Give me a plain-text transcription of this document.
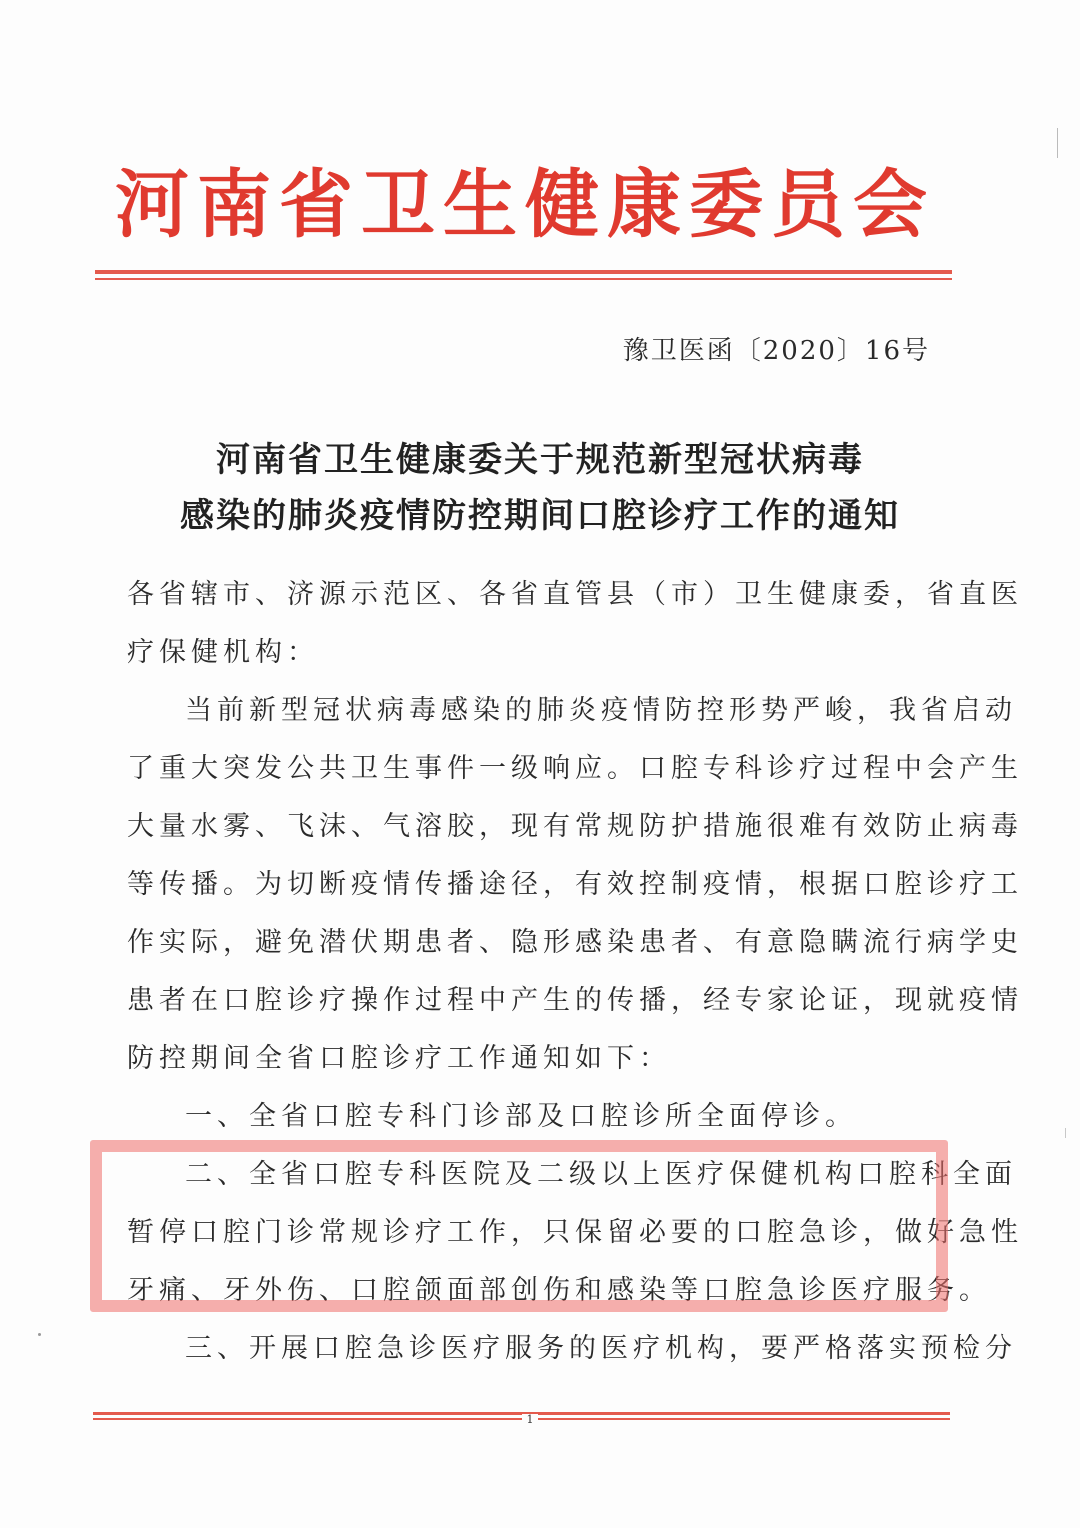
河南省卫生健康委员会
豫卫医函〔2020〕16号
河南省卫生健康委关于规范新型冠状病毒
感染的肺炎疫情防控期间口腔诊疗工作的通知
各省辖市、济源示范区、各省直管县（市）卫生健康委，省直医
疗保健机构：
当前新型冠状病毒感染的肺炎疫情防控形势严峻，我省启动
了重大突发公共卫生事件一级响应。口腔专科诊疗过程中会产生
大量水雾、飞沫、气溶胶，现有常规防护措施很难有效防止病毒
等传播。为切断疫情传播途径，有效控制疫情，根据口腔诊疗工
作实际，避免潜伏期患者、隐形感染患者、有意隐瞒流行病学史
患者在口腔诊疗操作过程中产生的传播，经专家论证，现就疫情
防控期间全省口腔诊疗工作通知如下：
一、全省口腔专科门诊部及口腔诊所全面停诊。
二、全省口腔专科医院及二级以上医疗保健机构口腔科全面
暂停口腔门诊常规诊疗工作，只保留必要的口腔急诊，做好急性
牙痛、牙外伤、口腔颌面部创伤和感染等口腔急诊医疗服务。
三、开展口腔急诊医疗服务的医疗机构，要严格落实预检分
1
